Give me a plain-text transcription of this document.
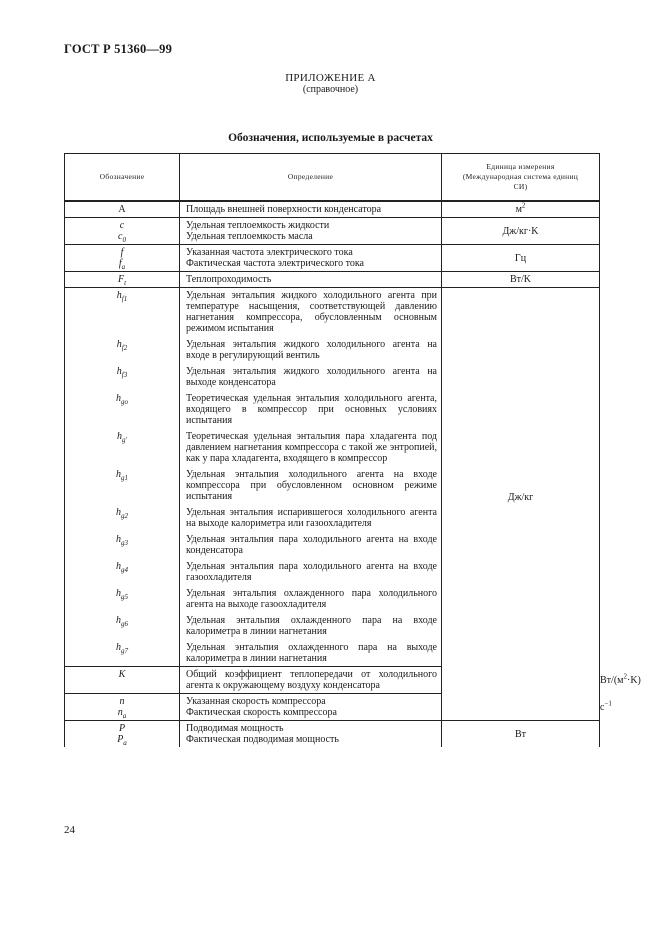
ГОСТ Р 51360—99
ПРИЛОЖЕНИЕ А
(справочное)
Обозначения, используемые в расчетах
Обозначение	Определение	Единица измерения
(Международная система единиц
СИ)	
A	Площадь внешней поверхности конденсатора	$м^2$
c	Удельная теплоемкость жидкости	Дж/кг·K	
$c_0$	Удельная теплоемкость масла		
f	Указанная частота электрического тока	Гц	
$f_a$	Фактическая частота электрического тока		
$F_t$	Теплопроходимость	Вт/K	
$h_{f1}$	Удельная энтальпия жидкого холодильного агента при температуре насыщения, соответствующей давлению нагнетания компрессора, обусловленным основным режимом испытания	Дж/кг	

$h_{f2}$	Удельная энтальпия жидкого холодильного агента на входе в регулирующий вентиль		

$h_{f3}$	Удельная энтальпия жидкого холодильного агента на выходе конденсатора		

$h_{go}$	Теоретическая удельная энтальпия холодильного агента, входящего в компрессор при основных условиях испытания		

$h_{g'}$	Теоретическая удельная энтальпия пара хладагента под давлением нагнетания компрессора с такой же энтропией, как у пара хладагента, входящего в компрессор		

$h_{g1}$	Удельная энтальпия холодильного агента на входе компрессора при обусловленном основном режиме испытания		

$h_{g2}$	Удельная энтальпия испарившегося холодильного агента на выходе калориметра или газоохладителя		

$h_{g3}$	Удельная энтальпия пара холодильного агента на входе конденсатора		

$h_{g4}$	Удельная энтальпия пара холодильного агента на входе газоохладителя		

$h_{g5}$	Удельная энтальпия охлажденного пара холодильного агента на выходе газоохладителя		

$h_{g6}$	Удельная энтальпия охлажденного пара на входе калориметра в линии нагнетания		

$h_{g7}$	Удельная энтальпия охлажденного пара на выходе калориметра в линии нагнетания		
K	Общий коэффициент теплопередачи от холодильного агента к окружающему воздуху конденсатора		$Вт/(м^2\cdot K)$
n	Указанная скорость компрессора		$с^{-1}$
$n_a$	Фактическая скорость компрессора		
P	Подводимая мощность	Вт	
$P_a$	Фактическая подводимая мощность		
24
